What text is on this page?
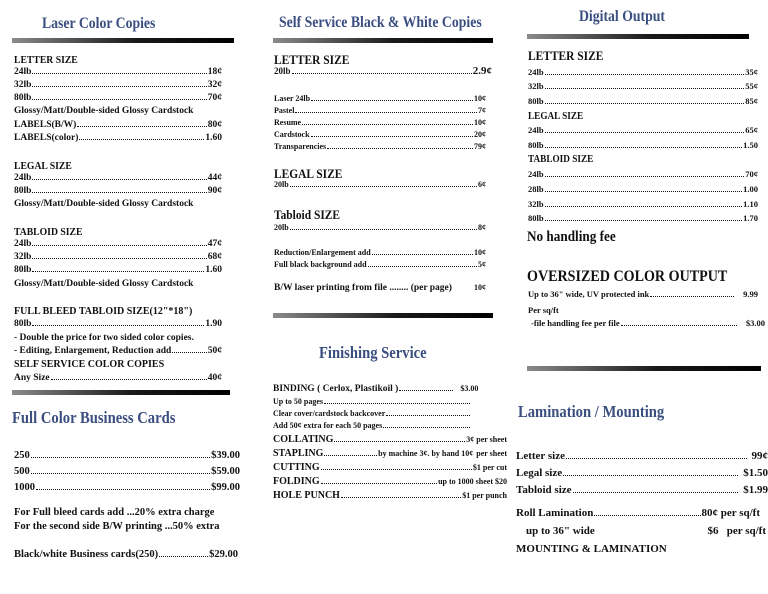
Laser Color Copies
LETTER SIZE
24lb	18¢
32lb	32¢
80lb	70¢
Glossy/Matt/Double-sided Glossy Cardstock
LABELS(B/W)	80¢
LABELS(color)	1.60
LEGAL SIZE
24lb	44¢
80lb	90¢
Glossy/Matt/Double-sided Glossy Cardstock
TABLOID SIZE
24lb	47¢
32lb	68¢
80lb	1.60
Glossy/Matt/Double-sided Glossy Cardstock
FULL BLEED TABLOID SIZE(12"*18")
80lb	1.90
- Double the price for two sided color copies.
- Editing, Enlargement, Reduction add	50¢
SELF SERVICE COLOR COPIES
Any Size	40¢
Full Color Business Cards
250	$39.00
500	$59.00
1000	$99.00
For Full bleed cards add ...20% extra charge
For the second side B/W printing ...50% extra
Black/white Business cards(250)	$29.00
Self Service Black & White Copies
LETTER SIZE
20lb	2.9¢
Laser 24lb	10¢
Pastel	7¢
Resume	10¢
Cardstock	20¢
Transparencies	79¢
LEGAL SIZE
20lb	6¢
Tabloid SIZE
20lb	8¢
Reduction/Enlargement add	10¢
Full black background add	5¢
B/W laser printing from file ........ (per page)	10¢
Finishing Service
BINDING ( Cerlox, Plastikoil )	$3.00
Up to 50 pages
Clear cover/cardstock backcover
Add 50¢ extra for each 50 pages
COLLATING	3¢ per sheet
STAPLING	by machine 3¢. by hand 10¢ per sheet
CUTTING	$1 per cut
FOLDING	up to 1000 sheet $20
HOLE PUNCH	$1 per punch
Digital Output
LETTER SIZE
24lb	35¢
32lb	55¢
80lb	85¢
LEGAL SIZE
24lb	65¢
80lb	1.50
TABLOID SIZE
24lb	70¢
28lb	1.00
32lb	1.10
80lb	1.70
No handling fee
OVERSIZED COLOR OUTPUT
Up to 36" wide, UV protected ink	9.99
Per sq/ft
-file handling fee per file	$3.00
Lamination / Mounting
Letter size	99¢
Legal size	$1.50
Tabloid size	$1.99
Roll Lamination	80¢ per sq/ft
up to 36" wide	$6   per sq/ft
MOUNTING & LAMINATION
